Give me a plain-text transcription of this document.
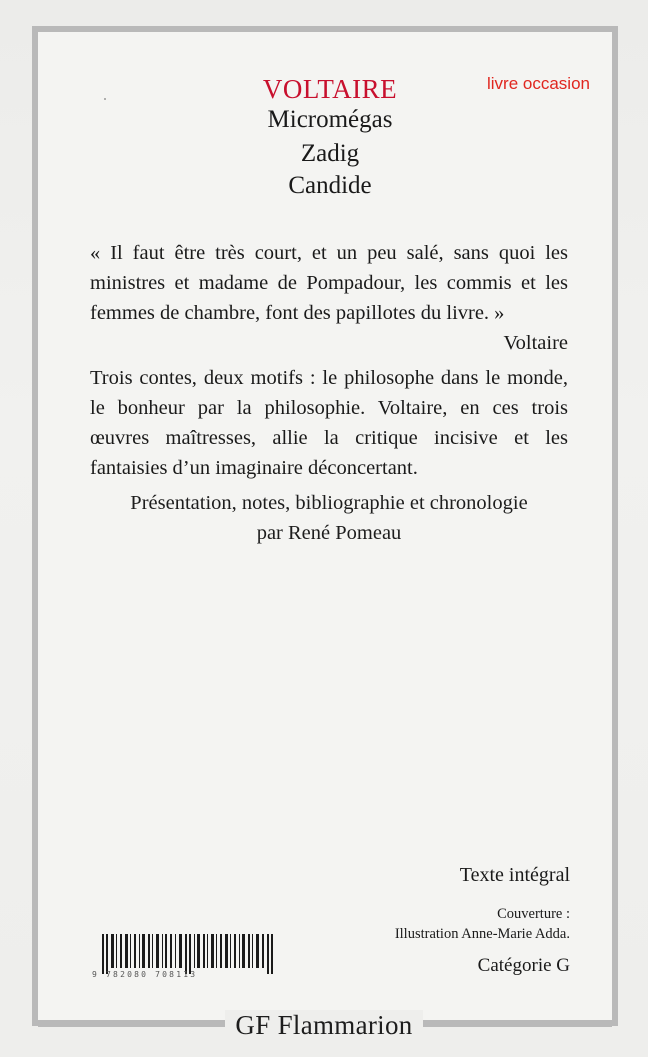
VOLTAIRE
Micromégas
Zadig
Candide
livre occasion
« Il faut être très court, et un peu salé, sans quoi les ministres et madame de Pompadour, les commis et les femmes de chambre, font des papillotes du livre. »
Voltaire
Trois contes, deux motifs : le philosophe dans le monde, le bonheur par la philosophie. Voltaire, en ces trois œuvres maîtresses, allie la critique incisive et les fantaisies d’un imaginaire déconcertant.
Présentation, notes, bibliographie et chronologie
par René Pomeau
Texte intégral
Couverture :
Illustration Anne-Marie Adda.
Catégorie G
9 782080 708113
GF Flammarion
